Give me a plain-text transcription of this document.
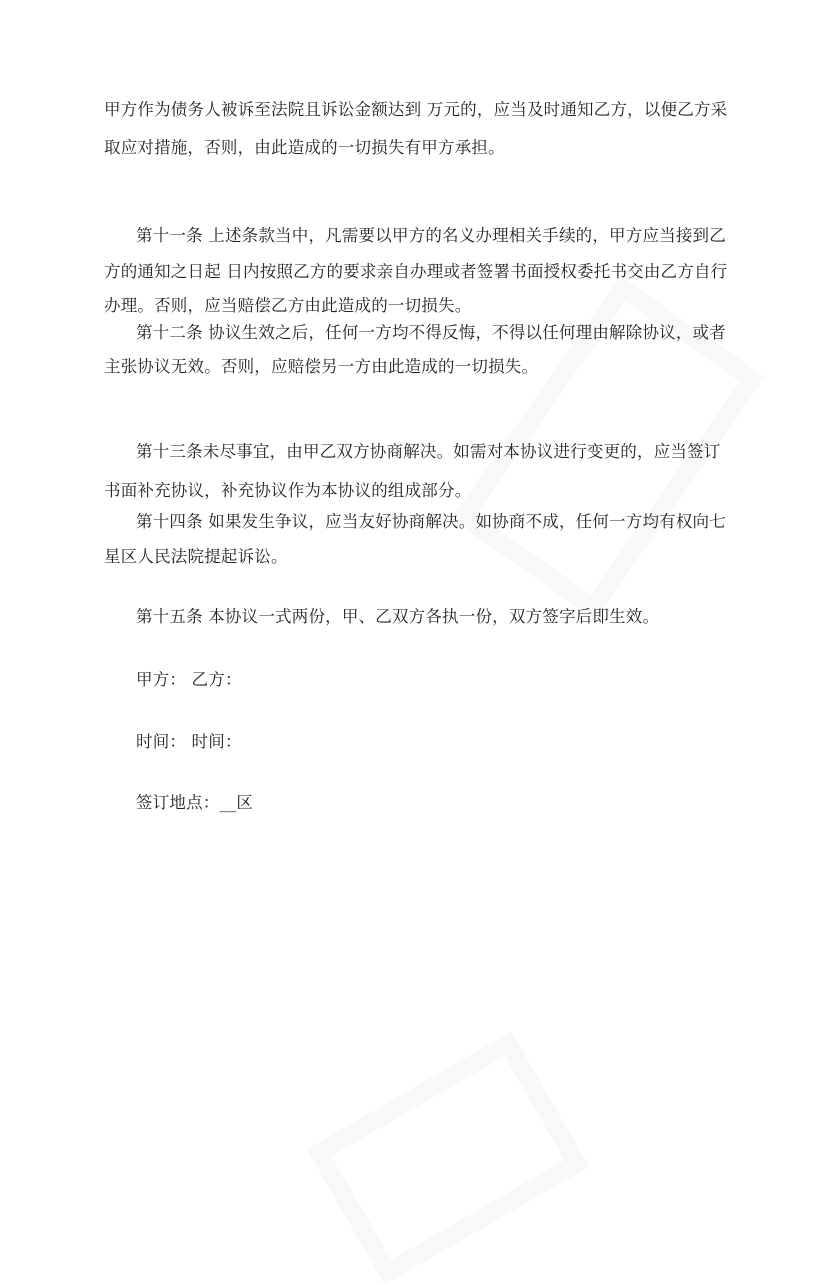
甲方作为债务人被诉至法院且诉讼金额达到 万元的，应当及时通知乙方，以便乙方采
取应对措施，否则，由此造成的一切损失有甲方承担。
第十一条 上述条款当中，凡需要以甲方的名义办理相关手续的，甲方应当接到乙
方的通知之日起 日内按照乙方的要求亲自办理或者签署书面授权委托书交由乙方自行
办理。否则，应当赔偿乙方由此造成的一切损失。
第十二条 协议生效之后，任何一方均不得反悔，不得以任何理由解除协议，或者
主张协议无效。否则，应赔偿另一方由此造成的一切损失。
第十三条未尽事宜，由甲乙双方协商解决。如需对本协议进行变更的，应当签订
书面补充协议，补充协议作为本协议的组成部分。
第十四条 如果发生争议，应当友好协商解决。如协商不成，任何一方均有权向七
星区人民法院提起诉讼。
第十五条 本协议一式两份，甲、乙双方各执一份，双方签字后即生效。
甲方： 乙方：
时间： 时间：
签订地点：__区
